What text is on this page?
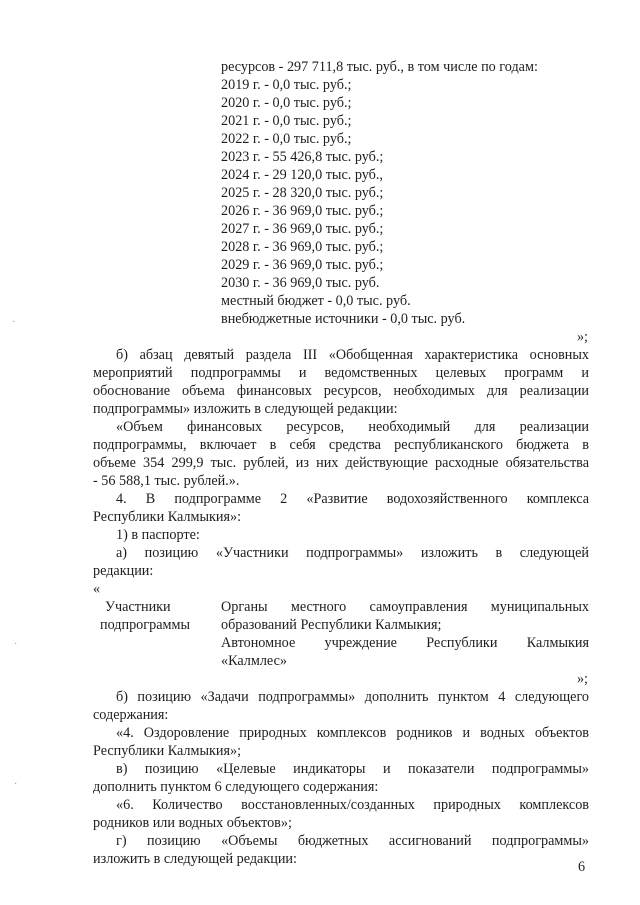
·

·

·

ресурсов - 297 711,8 тыс. руб., в том числе по годам:

2019 г. - 0,0 тыс. руб.;

2020 г. - 0,0 тыс. руб.;

2021 г. - 0,0 тыс. руб.;

2022 г. - 0,0 тыс. руб.;

2023 г. - 55 426,8 тыс. руб.;

2024 г. - 29 120,0 тыс. руб.,

2025 г. - 28 320,0 тыс. руб.;

2026 г. - 36 969,0 тыс. руб.;

2027 г. - 36 969,0 тыс. руб.;

2028 г. - 36 969,0 тыс. руб.;

2029 г. - 36 969,0 тыс. руб.;

2030 г. - 36 969,0 тыс. руб.

местный бюджет - 0,0 тыс. руб.

внебюджетные источники - 0,0 тыс. руб.

»;

б) абзац девятый раздела III «Обобщенная характеристика основных

мероприятий подпрограммы и ведомственных целевых программ и

обоснование объема финансовых ресурсов, необходимых для реализации

подпрограммы» изложить в следующей редакции:

«Объем финансовых ресурсов, необходимый для реализации

подпрограммы, включает в себя средства республиканского бюджета в

объеме 354 299,9 тыс. рублей, из них действующие расходные обязательства

- 56 588,1 тыс. рублей.».

4. В подпрограмме 2 «Развитие водохозяйственного комплекса

Республики Калмыкия»:

1) в паспорте:

а) позицию «Участники подпрограммы» изложить в следующей

редакции:

«

Участники

подпрограммы

Органы местного самоуправления муниципальных

образований Республики Калмыкия;

Автономное учреждение Республики Калмыкия

«Калмлес»

»;

б) позицию «Задачи подпрограммы» дополнить пунктом 4 следующего

содержания:

«4. Оздоровление природных комплексов родников и водных объектов

Республики Калмыкия»;

в) позицию «Целевые индикаторы и показатели подпрограммы»

дополнить пунктом 6 следующего содержания:

«6. Количество восстановленных/созданных природных комплексов

родников или водных объектов»;

г) позицию «Объемы бюджетных ассигнований подпрограммы»

изложить в следующей редакции:	6
